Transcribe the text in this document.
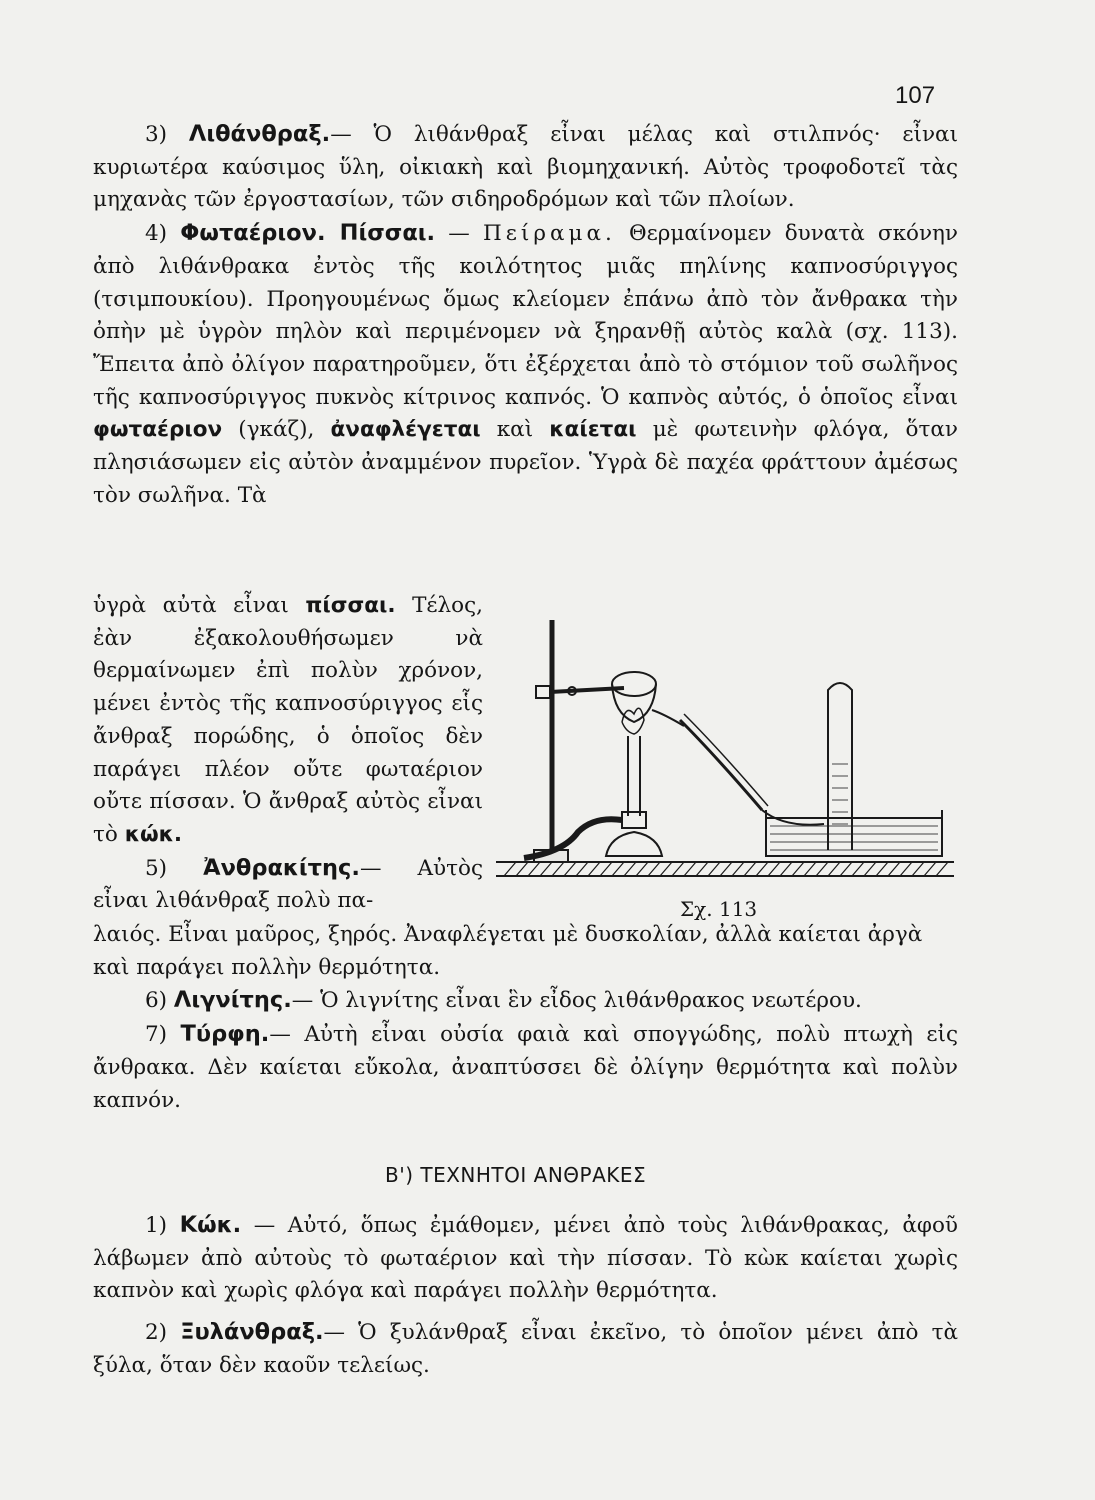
107

3) Λιθάνθραξ.— Ὁ λιθάνθραξ εἶναι μέλας καὶ στιλπνός· εἶναι κυριωτέρα καύσιμος ὕλη, οἰκιακὴ καὶ βιομηχανική. Αὐτὸς τροφοδοτεῖ τὰς μηχανὰς τῶν ἐργοστασίων, τῶν σιδηροδρόμων καὶ τῶν πλοίων.

4) Φωταέριον. Πίσσαι. — Πείραμα. Θερμαίνομεν δυνατὰ σκόνην ἀπὸ λιθάνθρακα ἐντὸς τῆς κοιλότητος μιᾶς πηλίνης καπνοσύριγγος (τσιμπουκίου). Προηγουμένως ὅμως κλείομεν ἐπάνω ἀπὸ τὸν ἄνθρακα τὴν ὀπὴν μὲ ὑγρὸν πηλὸν καὶ περιμένομεν νὰ ξηρανθῇ αὐτὸς καλὰ (σχ. 113). Ἔπειτα ἀπὸ ὀλίγον παρατηροῦμεν, ὅτι ἐξέρχεται ἀπὸ τὸ στόμιον τοῦ σωλῆνος τῆς καπνοσύριγγος πυκνὸς κίτρινος καπνός. Ὁ καπνὸς αὐτός, ὁ ὁποῖος εἶναι φωταέριον (γκάζ), ἀναφλέγεται καὶ καίεται μὲ φωτεινὴν φλόγα, ὅταν πλησιάσωμεν εἰς αὐτὸν ἀναμμένον πυρεῖον. Ὑγρὰ δὲ παχέα φράττουν ἀμέσως τὸν σωλῆνα. Τὰ

ὑγρὰ αὐτὰ εἶναι πίσσαι. Τέλος, ἐὰν ἐξακολουθήσωμεν νὰ θερμαίνωμεν ἐπὶ πολὺν χρόνον, μένει ἐντὸς τῆς καπνοσύριγγος εἷς ἄνθραξ πορώδης, ὁ ὁποῖος δὲν παράγει πλέον οὔτε φωταέριον οὔτε πίσσαν. Ὁ ἄνθραξ αὐτὸς εἶναι τὸ κώκ.

5) Ἀνθρακίτης.— Αὐτὸς εἶναι λιθάνθραξ πολὺ πα-	Σχ. 113

λαιός. Εἶναι μαῦρος, ξηρός. Ἀναφλέγεται μὲ δυσκολίαν, ἀλλὰ καίεται ἀργὰ καὶ παράγει πολλὴν θερμότητα.

6) Λιγνίτης.— Ὁ λιγνίτης εἶναι ἓν εἶδος λιθάνθρακος νεωτέρου.

7) Τύρφη.— Αὐτὴ εἶναι οὐσία φαιὰ καὶ σπογγώδης, πολὺ πτωχὴ εἰς ἄνθρακα. Δὲν καίεται εὔκολα, ἀναπτύσσει δὲ ὀλίγην θερμότητα καὶ πολὺν καπνόν.

Β') ΤΕΧΝΗΤΟΙ ΑΝΘΡΑΚΕΣ

1) Κώκ. — Αὐτό, ὅπως ἐμάθομεν, μένει ἀπὸ τοὺς λιθάνθρακας, ἀφοῦ λάβωμεν ἀπὸ αὐτοὺς τὸ φωταέριον καὶ τὴν πίσσαν. Τὸ κὼκ καίεται χωρὶς καπνὸν καὶ χωρὶς φλόγα καὶ παράγει πολλὴν θερμότητα.

2) Ξυλάνθραξ.— Ὁ ξυλάνθραξ εἶναι ἐκεῖνο, τὸ ὁποῖον μένει ἀπὸ τὰ ξύλα, ὅταν δὲν καοῦν τελείως.
